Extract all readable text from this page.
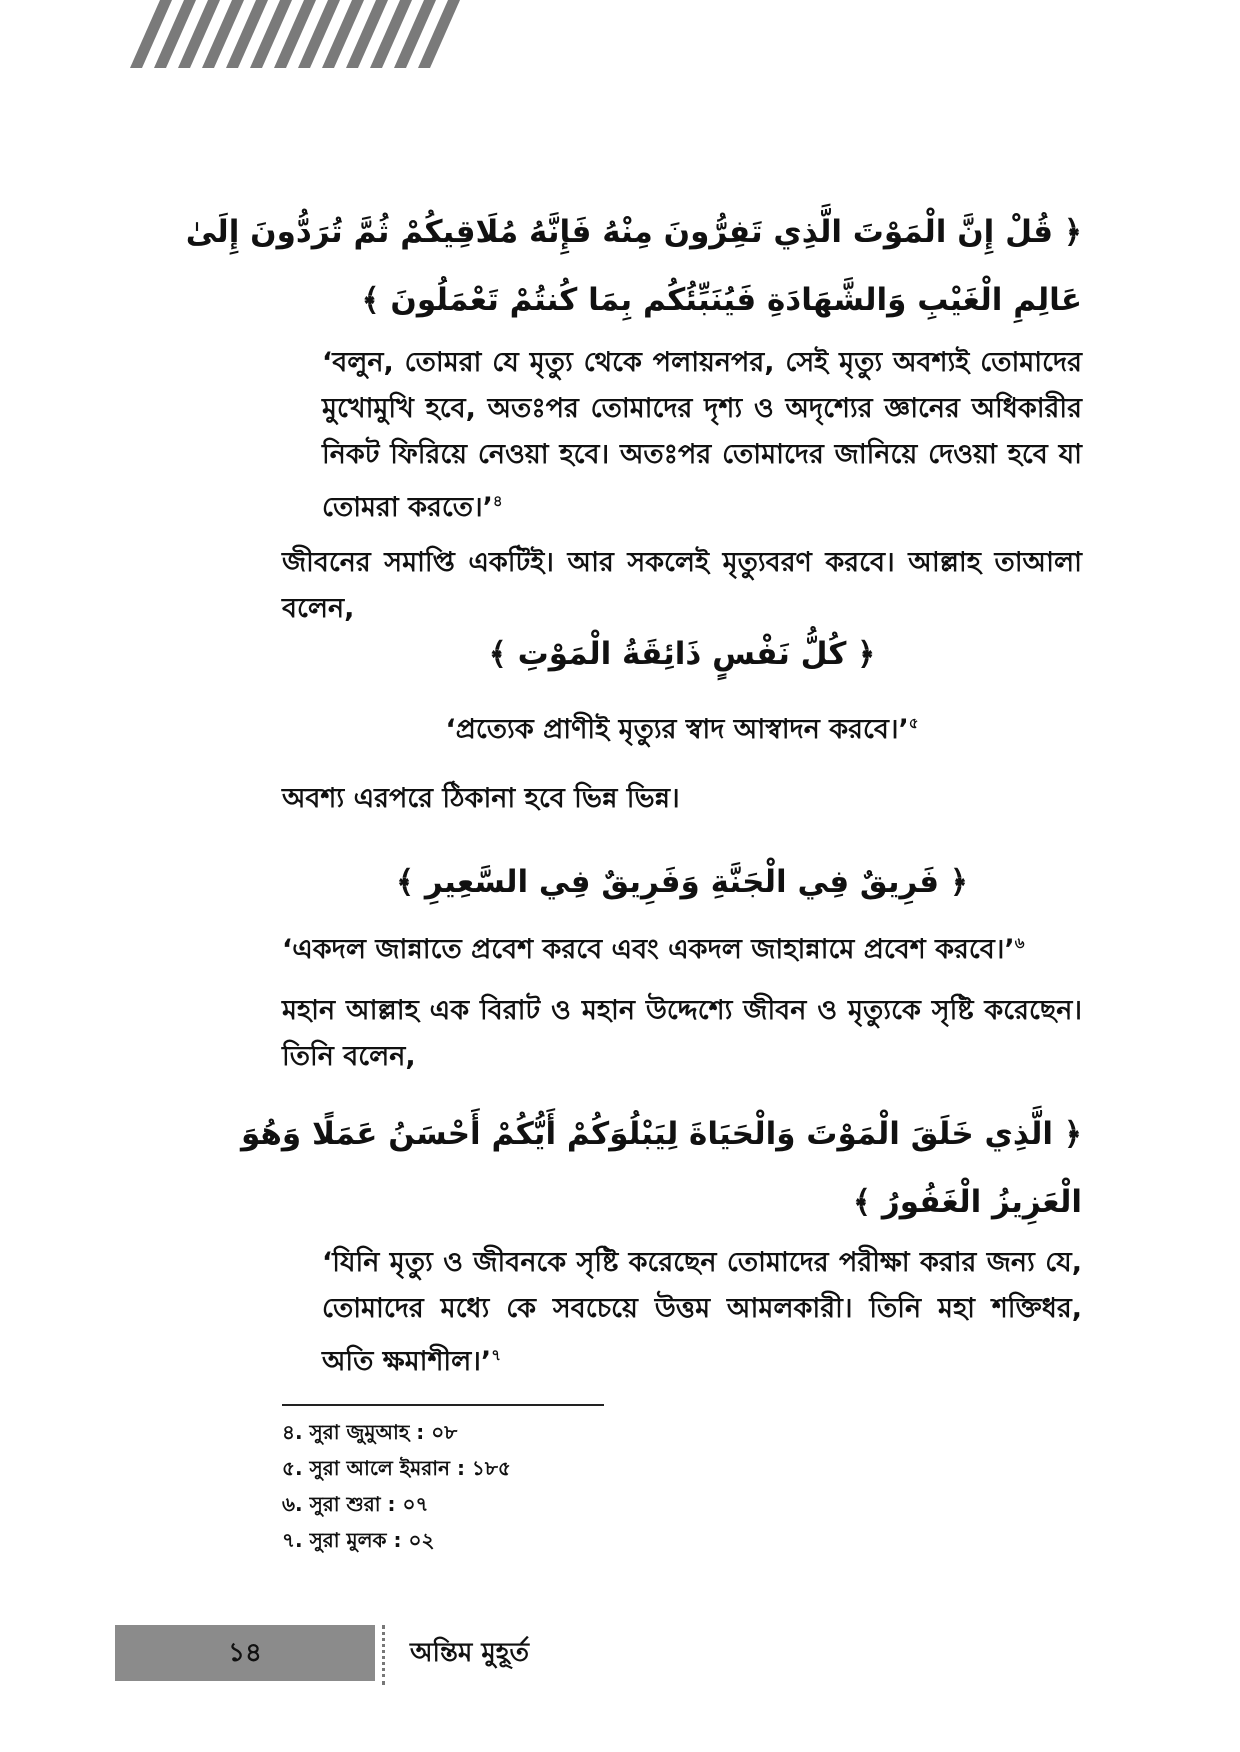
﴿ قُلْ إِنَّ الْمَوْتَ الَّذِي تَفِرُّونَ مِنْهُ فَإِنَّهُ مُلَاقِيكُمْ ثُمَّ تُرَدُّونَ إِلَىٰ
عَالِمِ الْغَيْبِ وَالشَّهَادَةِ فَيُنَبِّئُكُم بِمَا كُنتُمْ تَعْمَلُونَ ﴾
‘বলুন, তোমরা যে মৃত্যু থেকে পলায়নপর, সেই মৃত্যু অবশ্যই তোমাদের মুখোমুখি হবে, অতঃপর তোমাদের দৃশ্য ও অদৃশ্যের জ্ঞানের অধিকারীর নিকট ফিরিয়ে নেওয়া হবে। অতঃপর তোমাদের জানিয়ে দেওয়া হবে যা তোমরা করতে।’$^৪$
জীবনের সমাপ্তি একটিই। আর সকলেই মৃত্যুবরণ করবে। আল্লাহ তাআলা বলেন,
﴿ كُلُّ نَفْسٍ ذَائِقَةُ الْمَوْتِ ﴾
‘প্রত্যেক প্রাণীই মৃত্যুর স্বাদ আস্বাদন করবে।’$^৫$
অবশ্য এরপরে ঠিকানা হবে ভিন্ন ভিন্ন।
﴿ فَرِيقٌ فِي الْجَنَّةِ وَفَرِيقٌ فِي السَّعِيرِ ﴾
‘একদল জান্নাতে প্রবেশ করবে এবং একদল জাহান্নামে প্রবেশ করবে।’$^৬$
মহান আল্লাহ এক বিরাট ও মহান উদ্দেশ্যে জীবন ও মৃত্যুকে সৃষ্টি করেছেন। তিনি বলেন,
﴿ الَّذِي خَلَقَ الْمَوْتَ وَالْحَيَاةَ لِيَبْلُوَكُمْ أَيُّكُمْ أَحْسَنُ عَمَلًا وَهُوَ
الْعَزِيزُ الْغَفُورُ ﴾
‘যিনি মৃত্যু ও জীবনকে সৃষ্টি করেছেন তোমাদের পরীক্ষা করার জন্য যে, তোমাদের মধ্যে কে সবচেয়ে উত্তম আমলকারী। তিনি মহা শক্তিধর, অতি ক্ষমাশীল।’$^৭$
৪. সুরা জুমুআহ : ০৮
৫. সুরা আলে ইমরান : ১৮৫
৬. সুরা শুরা : ০৭
৭. সুরা মুলক : ০২
১৪	অন্তিম মুহূর্ত
